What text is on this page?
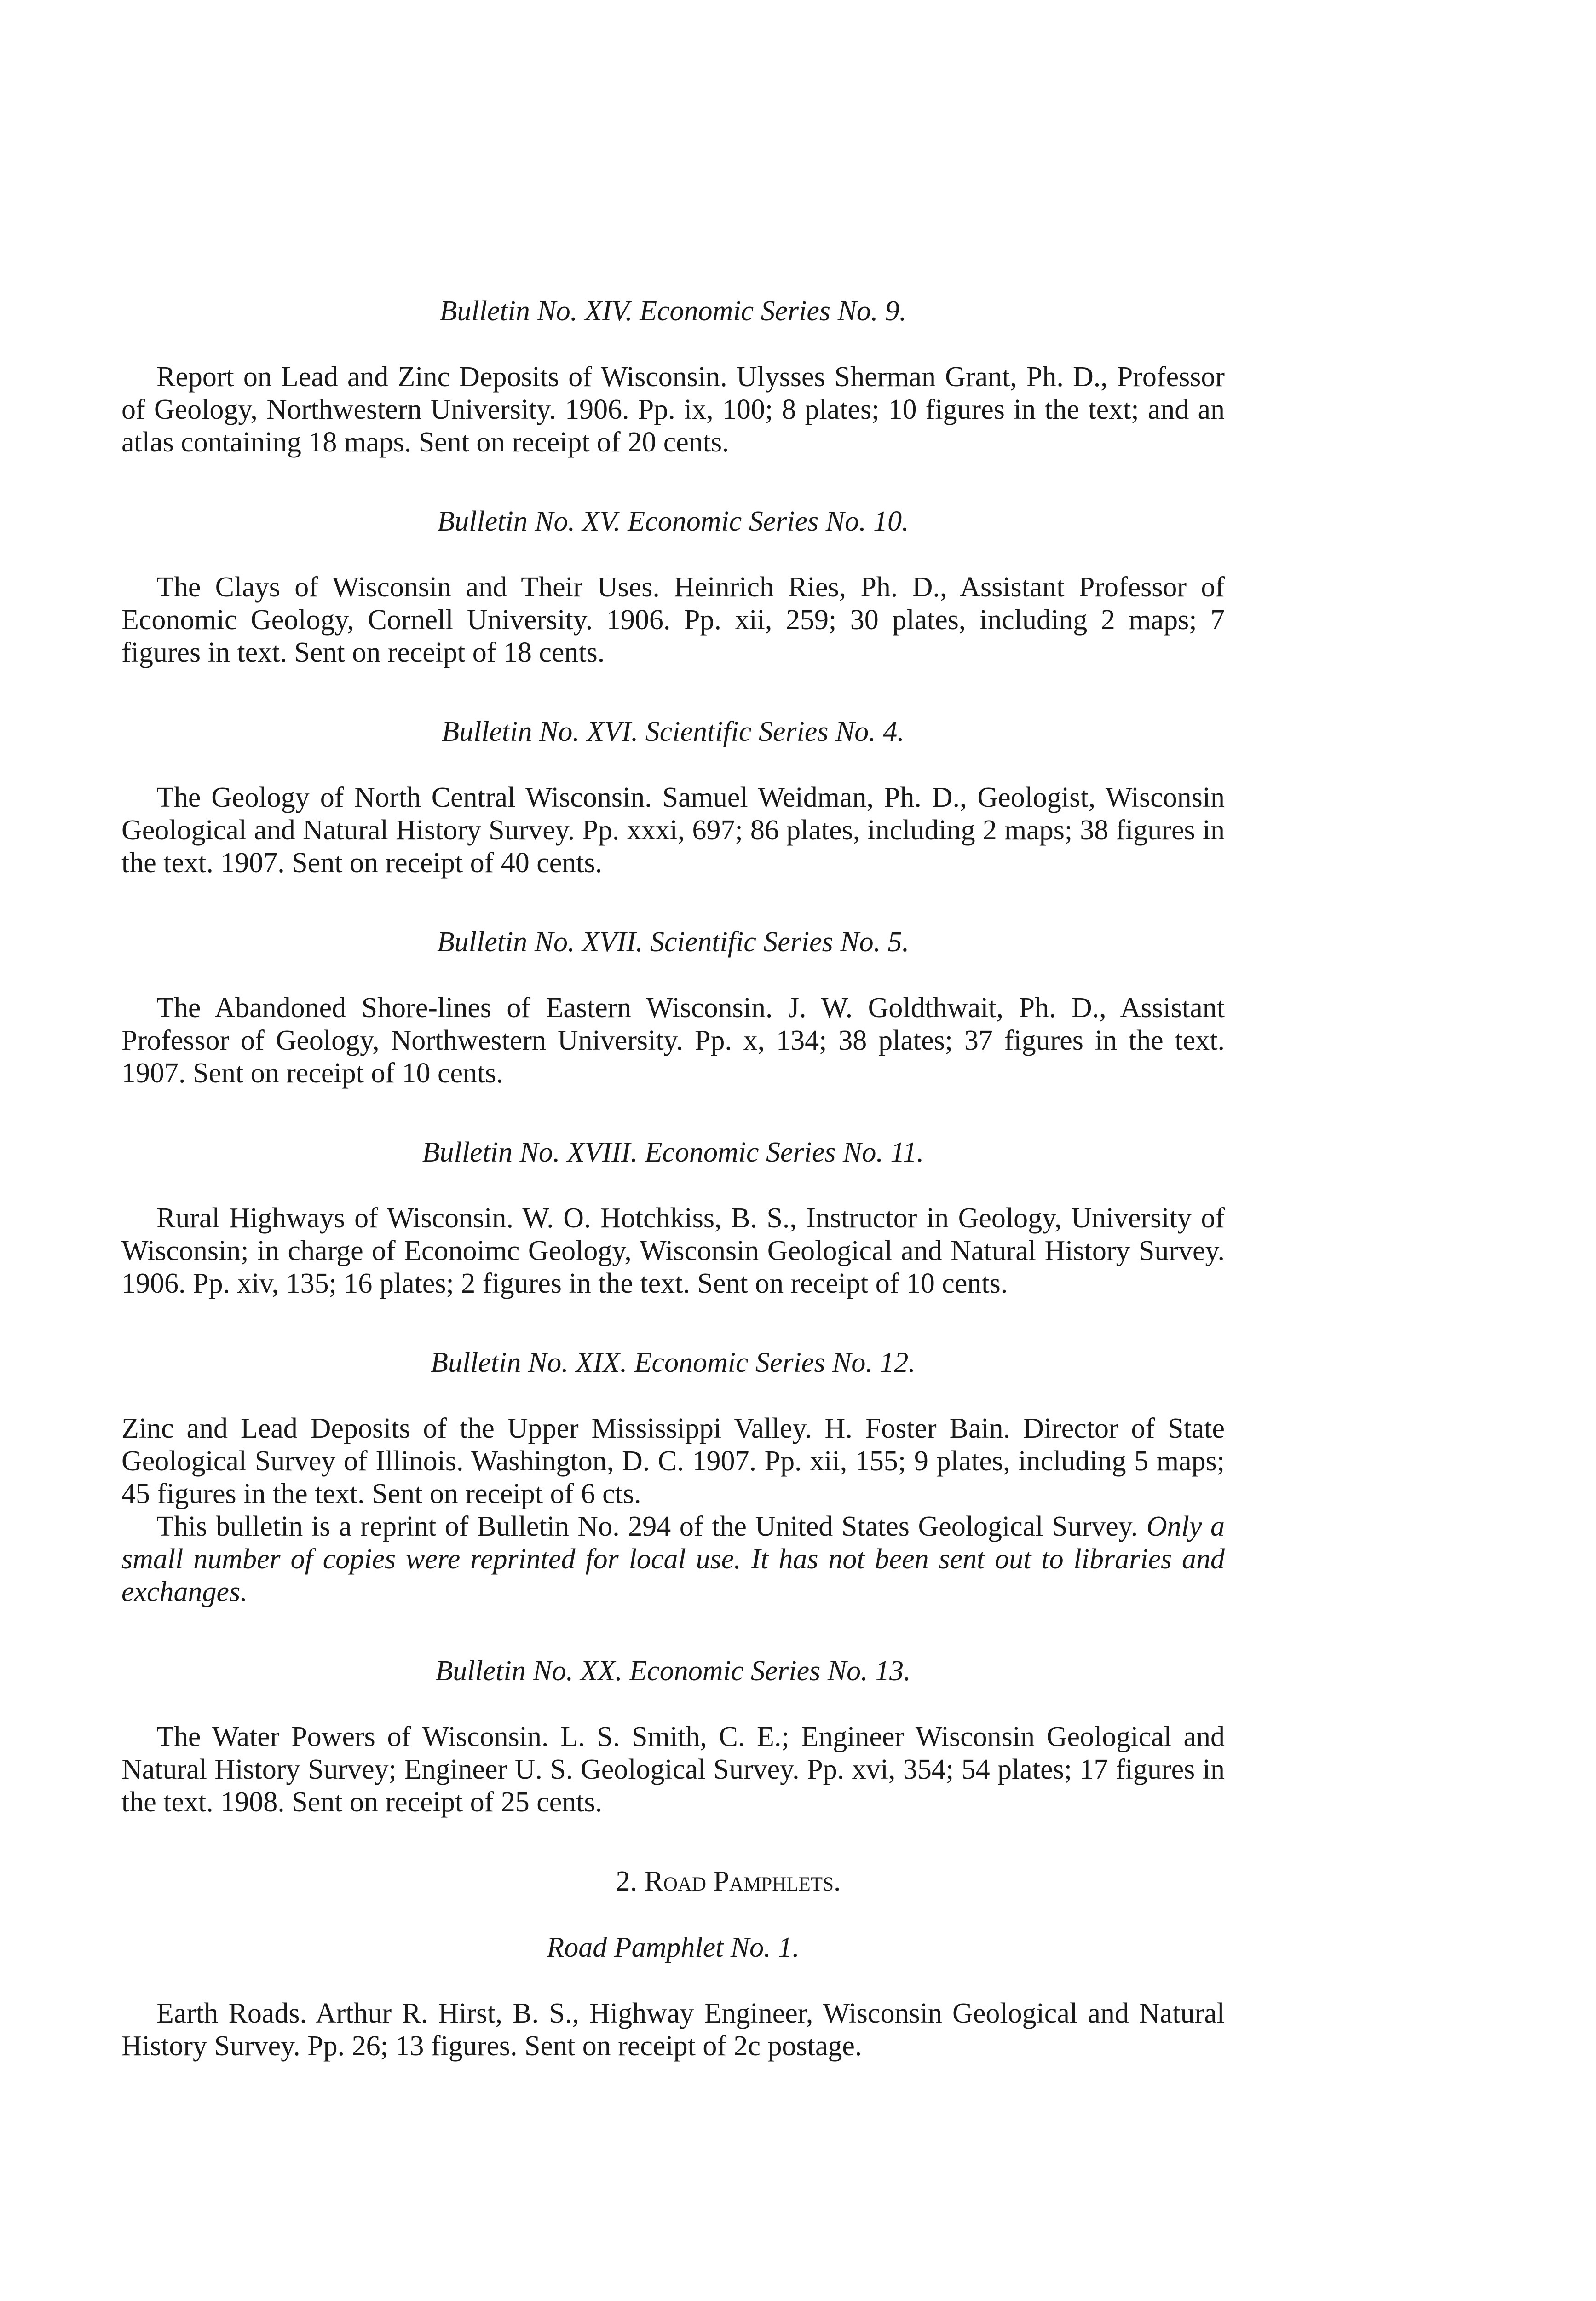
Bulletin No. XIV. Economic Series No. 9.
Report on Lead and Zinc Deposits of Wisconsin. Ulysses Sherman Grant, Ph. D., Professor of Geology, Northwestern University. 1906. Pp. ix, 100; 8 plates; 10 figures in the text; and an atlas containing 18 maps. Sent on receipt of 20 cents.
Bulletin No. XV. Economic Series No. 10.
The Clays of Wisconsin and Their Uses. Heinrich Ries, Ph. D., Assistant Professor of Economic Geology, Cornell University. 1906. Pp. xii, 259; 30 plates, including 2 maps; 7 figures in text. Sent on receipt of 18 cents.
Bulletin No. XVI. Scientific Series No. 4.
The Geology of North Central Wisconsin. Samuel Weidman, Ph. D., Geologist, Wisconsin Geological and Natural History Survey. Pp. xxxi, 697; 86 plates, including 2 maps; 38 figures in the text. 1907. Sent on receipt of 40 cents.
Bulletin No. XVII. Scientific Series No. 5.
The Abandoned Shore-lines of Eastern Wisconsin. J. W. Goldthwait, Ph. D., Assistant Professor of Geology, Northwestern University. Pp. x, 134; 38 plates; 37 figures in the text. 1907. Sent on receipt of 10 cents.
Bulletin No. XVIII. Economic Series No. 11.
Rural Highways of Wisconsin. W. O. Hotchkiss, B. S., Instructor in Geology, University of Wisconsin; in charge of Econoimc Geology, Wisconsin Geological and Natural History Survey. 1906. Pp. xiv, 135; 16 plates; 2 figures in the text. Sent on receipt of 10 cents.
Bulletin No. XIX. Economic Series No. 12.

Zinc and Lead Deposits of the Upper Mississippi Valley. H. Foster Bain. Director of State Geological Survey of Illinois. Washington, D. C. 1907. Pp. xii, 155; 9 plates, including 5 maps; 45 figures in the text. Sent on receipt of 6 cts.

This bulletin is a reprint of Bulletin No. 294 of the United States Geological Survey. Only a small number of copies were reprinted for local use. It has not been sent out to libraries and exchanges.

Bulletin No. XX. Economic Series No. 13.
The Water Powers of Wisconsin. L. S. Smith, C. E.; Engineer Wisconsin Geological and Natural History Survey; Engineer U. S. Geological Survey. Pp. xvi, 354; 54 plates; 17 figures in the text. 1908. Sent on receipt of 25 cents.
2. Road Pamphlets.
Road Pamphlet No. 1.
Earth Roads. Arthur R. Hirst, B. S., Highway Engineer, Wisconsin Geological and Natural History Survey. Pp. 26; 13 figures. Sent on receipt of 2c postage.
